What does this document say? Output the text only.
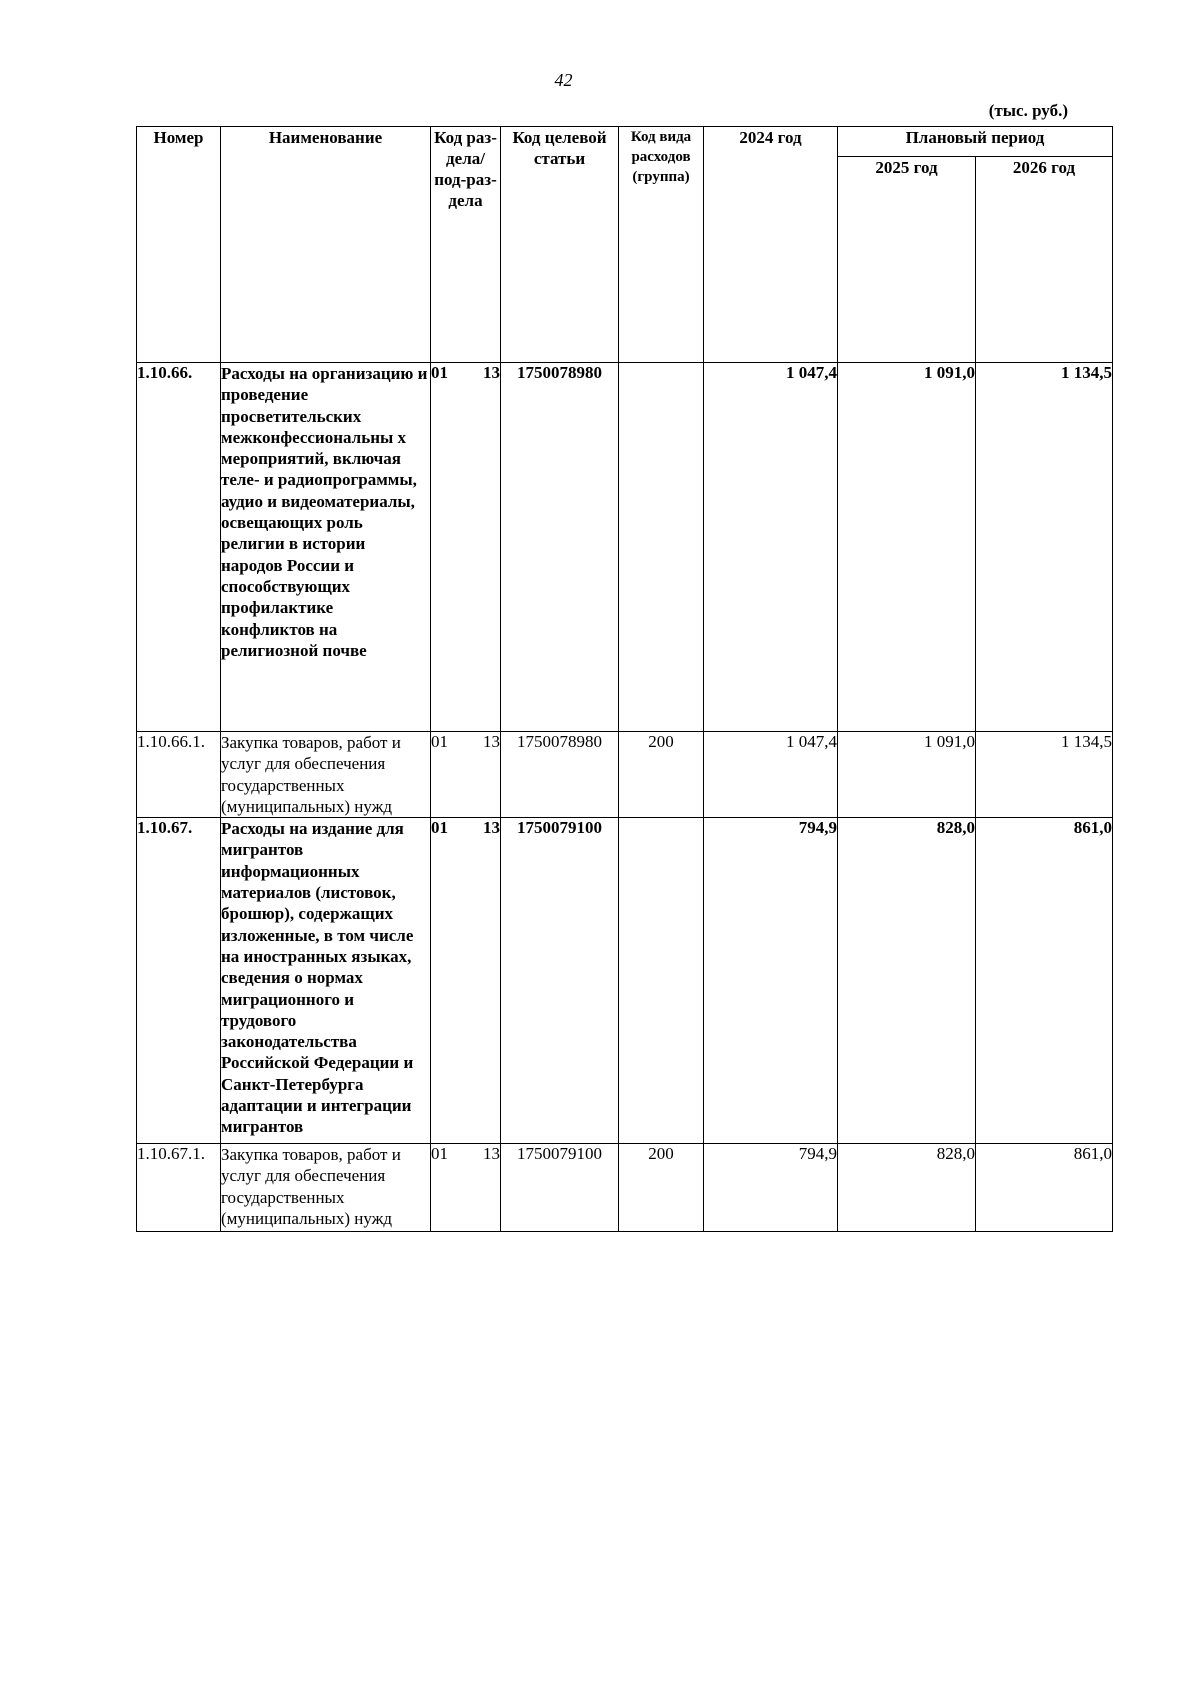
42
(тыс. руб.)
Номер	Наименование	Код раз-дела/ под-раз-дела	Код целевой статьи	Код вида расходов (группа)	2024 год	Плановый период	
						2025 год	2026 год
1.10.66.	Расходы на организацию и проведение просветительских межконфессиональны х мероприятий, включая теле- и радиопрограммы, аудио и видеоматериалы, освещающих роль религии в истории народов России и способствующих профилактике конфликтов на религиозной почве	01 13	1750078980		1 047,4	1 091,0	1 134,5
1.10.66.1.	Закупка товаров, работ и услуг для обеспечения государственных (муниципальных) нужд	01 13	1750078980	200	1 047,4	1 091,0	1 134,5
1.10.67.	Расходы на издание для мигрантов информационных материалов (листовок, брошюр), содержащих изложенные, в том числе на иностранных языках, сведения о нормах миграционного и трудового законодательства Российской Федерации и Санкт-Петербурга адаптации и интеграции мигрантов	01 13	1750079100		794,9	828,0	861,0
1.10.67.1.	Закупка товаров, работ и услуг для обеспечения государственных (муниципальных) нужд	01 13	1750079100	200	794,9	828,0	861,0
